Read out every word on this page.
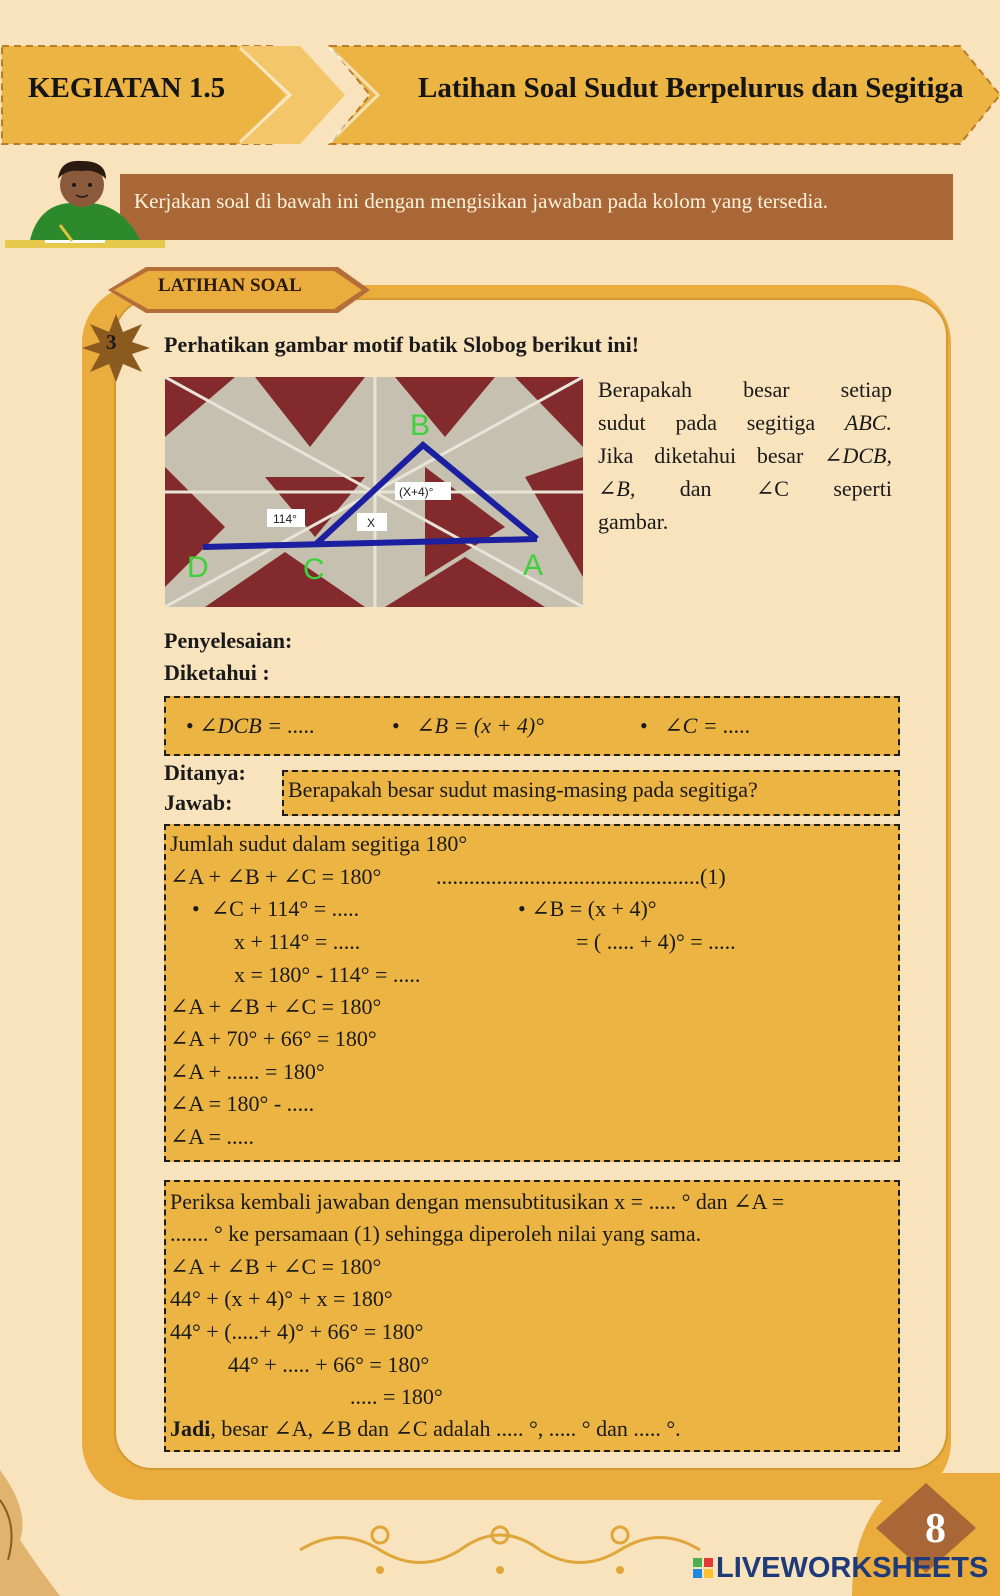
KEGIATAN 1.5	Latihan Soal Sudut Berpelurus dan Segitiga
Kerjakan soal di bawah ini dengan mengisikan jawaban pada kolom yang tersedia.
LATIHAN SOAL
3 Perhatikan gambar motif batik Slobog berikut ini!
114°	X
(X+4)°
B
D	C	A
Berapakah besar setiap
sudut pada segitiga ABC.
Jika diketahui besar ∠DCB,
∠B, dan ∠C seperti
gambar.
Penyelesaian:
Diketahui :
• ∠DCB = .....	•   ∠B = (x + 4)°	•   ∠C = .....
Ditanya:
Jawab:
Berapakah besar sudut masing-masing pada segitiga?
Jumlah sudut dalam segitiga 180°
∠A + ∠B + ∠C = 180° ................................................(1)
•  ∠C + 114° = .....	• ∠B = (x + 4)°
x + 114° = .....	= ( ..... + 4)° = .....
x = 180° - 114° = .....
∠A + ∠B + ∠C = 180°
∠A + 70° + 66° = 180°
∠A + ...... = 180°
∠A = 180° - .....
∠A = .....
Periksa kembali jawaban dengan mensubtitusikan x = ..... ° dan ∠A =
....... ° ke persamaan (1) sehingga diperoleh nilai yang sama.
∠A + ∠B + ∠C = 180°
44° + (x + 4)° + x = 180°
44° + (.....+ 4)° + 66° = 180°
44° + ..... + 66° = 180°
..... = 180°
Jadi, besar ∠A, ∠B dan ∠C adalah ..... °, ..... ° dan ..... °.
8
LIVEWORKSHEETS
